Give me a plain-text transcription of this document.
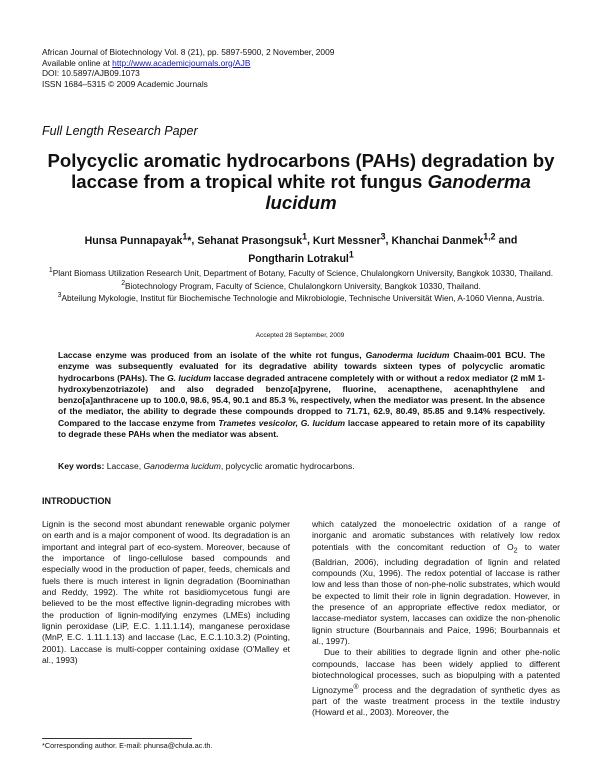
African Journal of Biotechnology Vol. 8 (21), pp. 5897-5900, 2 November, 2009
Available online at http://www.academicjournals.org/AJB
DOI: 10.5897/AJB09.1073
ISSN 1684–5315 © 2009 Academic Journals
Full Length Research Paper
Polycyclic aromatic hydrocarbons (PAHs) degradation by laccase from a tropical white rot fungus Ganoderma lucidum
Hunsa Punnapayak$^1$*, Sehanat Prasongsuk$^1$, Kurt Messner$^3$, Khanchai Danmek$^{1,2}$ and Pongtharin Lotrakul$^1$

$^1$Plant Biomass Utilization Research Unit, Department of Botany, Faculty of Science, Chulalongkorn University, Bangkok 10330, Thailand.

$^2$Biotechnology Program, Faculty of Science, Chulalongkorn University, Bangkok 10330, Thailand.

$^3$Abteilung Mykologie, Institut für Biochemische Technologie and Mikrobiologie, Technische Universität Wien, A-1060 Vienna, Austria.

Accepted 28 September, 2009
Laccase enzyme was produced from an isolate of the white rot fungus, Ganoderma lucidum Chaaim-001 BCU. The enzyme was subsequently evaluated for its degradative ability towards sixteen types of polycyclic aromatic hydrocarbons (PAHs). The G. lucidum laccase degraded antracene completely with or without a redox mediator (2 mM 1-hydroxybenzotriazole) and also degraded benzo[a]pyrene, fluorine, acenapthene, acenaphthylene and benzo[a]anthracene up to 100.0, 98.6, 95.4, 90.1 and 85.3 %, respectively, when the mediator was present. In the absence of the mediator, the ability to degrade these compounds dropped to 71.71, 62.9, 80.49, 85.85 and 9.14% respectively. Compared to the laccase enzyme from Trametes vesicolor, G. lucidum laccase appeared to retain more of its capability to degrade these PAHs when the mediator was absent.
Key words: Laccase, Ganoderma lucidum, polycyclic aromatic hydrocarbons.
INTRODUCTION

Lignin is the second most abundant renewable organic polymer on earth and is a major component of wood. Its degradation is an important and integral part of eco-system. Moreover, because of the importance of lingo-cellulose based compounds and especially wood in the production of paper, feeds, chemicals and fuels there is much interest in lignin degradation (Boominathan and Reddy, 1992). The white rot basidiomycetous fungi are believed to be the most effective lignin-degrading microbes with the production of lignin-modifying enzymes (LMEs) including lignin peroxidase (LiP, E.C. 1.11.1.14), manganese peroxidase (MnP, E.C. 1.11.1.13) and laccase (Lac, E.C.1.10.3.2) (Pointing, 2001). Laccase is multi-copper containing oxidase (O'Malley et al., 1993)

which catalyzed the monoelectric oxidation of a range of inorganic and aromatic substances with relatively low redox potentials with the concomitant reduction of $O_2$ to water (Baldrian, 2006), including degradation of lignin and related compounds (Xu, 1996). The redox potential of laccase is rather low and less than those of non-phe-nolic substrates, which would be expected to limit their role in lignin degradation. However, in the presence of an appropriate effective redox mediator, or laccase-mediator system, laccases can oxidize the non-phenolic lignin structure (Bourbannais and Paice, 1996; Bourbannais et al., 1997).

Due to their abilities to degrade lignin and other phe-nolic compounds, laccase has been widely applied to different biotechnological processes, such as biopulping with a patented Lignozyme® process and the degradation of synthetic dyes as part of the waste treatment process in the textile industry (Howard et al., 2003). Moreover, the

*Corresponding author. E-mail: phunsa@chula.ac.th.
